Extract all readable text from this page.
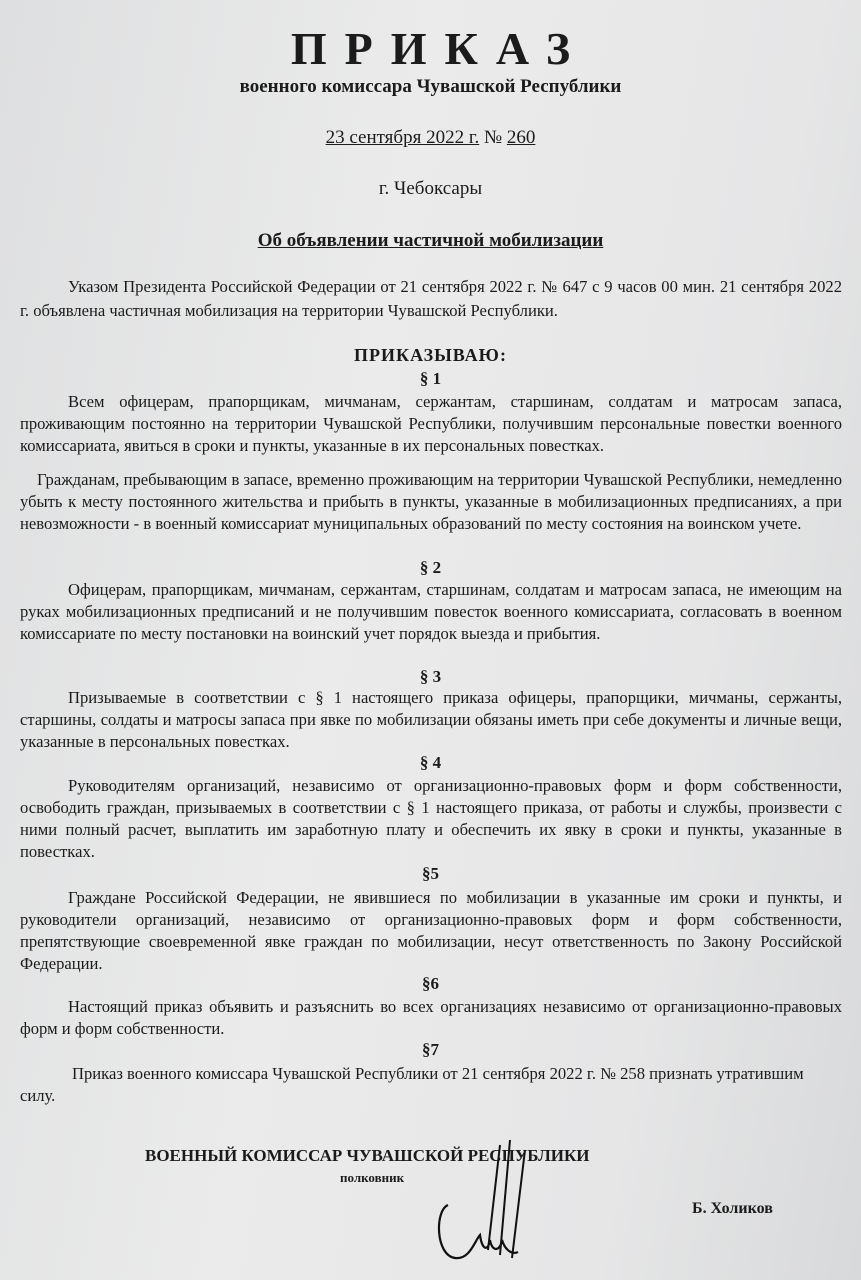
ПРИКАЗ
военного комиссара Чувашской Республики
23 сентября 2022 г. № 260
г. Чебоксары
Об объявлении частичной мобилизации
Указом Президента Российской Федерации от 21 сентября 2022 г. № 647 с 9 часов 00 мин. 21 сентября 2022 г. объявлена частичная мобилизация на территории Чувашской Республики.
ПРИКАЗЫВАЮ:
§ 1
Всем офицерам, прапорщикам, мичманам, сержантам, старшинам, солдатам и матросам запаса, проживающим постоянно на территории Чувашской Республики, получившим персональные повестки военного комиссариата, явиться в сроки и пункты, указанные в их персональных повестках.
Гражданам, пребывающим в запасе, временно проживающим на территории Чувашской Республики, немедленно убыть к месту постоянного жительства и прибыть в пункты, указанные в мобилизационных предписаниях, а при невозможности - в военный комиссариат муниципальных образований по месту состояния на воинском учете.
§ 2
Офицерам, прапорщикам, мичманам, сержантам, старшинам, солдатам и матросам запаса, не имеющим на руках мобилизационных предписаний и не получившим повесток военного комиссариата, согласовать в военном комиссариате по месту постановки на воинский учет порядок выезда и прибытия.
§ 3
Призываемые в соответствии с § 1 настоящего приказа офицеры, прапорщики, мичманы, сержанты, старшины, солдаты и матросы запаса при явке по мобилизации обязаны иметь при себе документы и личные вещи, указанные в персональных повестках.
§ 4
Руководителям организаций, независимо от организационно-правовых форм и форм собственности, освободить граждан, призываемых в соответствии с § 1 настоящего приказа, от работы и службы, произвести с ними полный расчет, выплатить им заработную плату и обеспечить их явку в сроки и пункты, указанные в повестках.
§5
Граждане Российской Федерации, не явившиеся по мобилизации в указанные им сроки и пункты, и руководители организаций, независимо от организационно-правовых форм и форм собственности, препятствующие своевременной явке граждан по мобилизации, несут ответственность по Закону Российской Федерации.
§6
Настоящий приказ объявить и разъяснить во всех организациях независимо от организационно-правовых форм и форм собственности.
§7
Приказ военного комиссара Чувашской Республики от 21 сентября 2022 г. № 258 признать утратившим силу.
ВОЕННЫЙ КОМИССАР ЧУВАШСКОЙ РЕСПУБЛИКИ
полковник
Б. Холиков
